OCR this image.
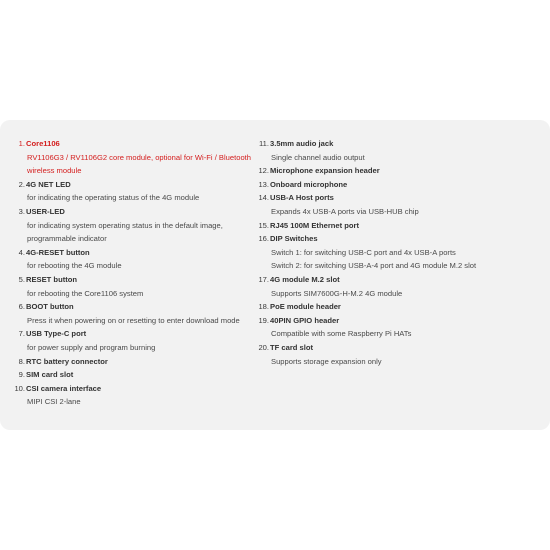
1. Core1106
RV1106G3 / RV1106G2 core module, optional for Wi-Fi / Bluetooth
wireless module
2. 4G NET LED
for indicating the operating status of the 4G module
3. USER-LED
for indicating system operating status in the default image,
programmable indicator
4. 4G-RESET button
for rebooting the 4G module
5. RESET button
for rebooting the Core1106 system
6. BOOT button
Press it when powering on or resetting to enter download mode
7. USB Type-C port
for power supply and program burning
8. RTC battery connector
9. SIM card slot
10. CSI camera interface
MIPI CSI 2-lane
11. 3.5mm audio jack
Single channel audio output
12. Microphone expansion header
13. Onboard microphone
14. USB-A Host ports
Expands 4x USB-A ports via USB-HUB chip
15. RJ45 100M Ethernet port
16. DIP Switches
Switch 1: for switching USB-C port and 4x USB-A ports
Switch 2: for switching USB-A-4 port and 4G module M.2 slot
17. 4G module M.2 slot
Supports SIM7600G-H-M.2 4G module
18. PoE module header
19. 40PIN GPIO header
Compatible with some Raspberry Pi HATs
20. TF card slot
Supports storage expansion only
